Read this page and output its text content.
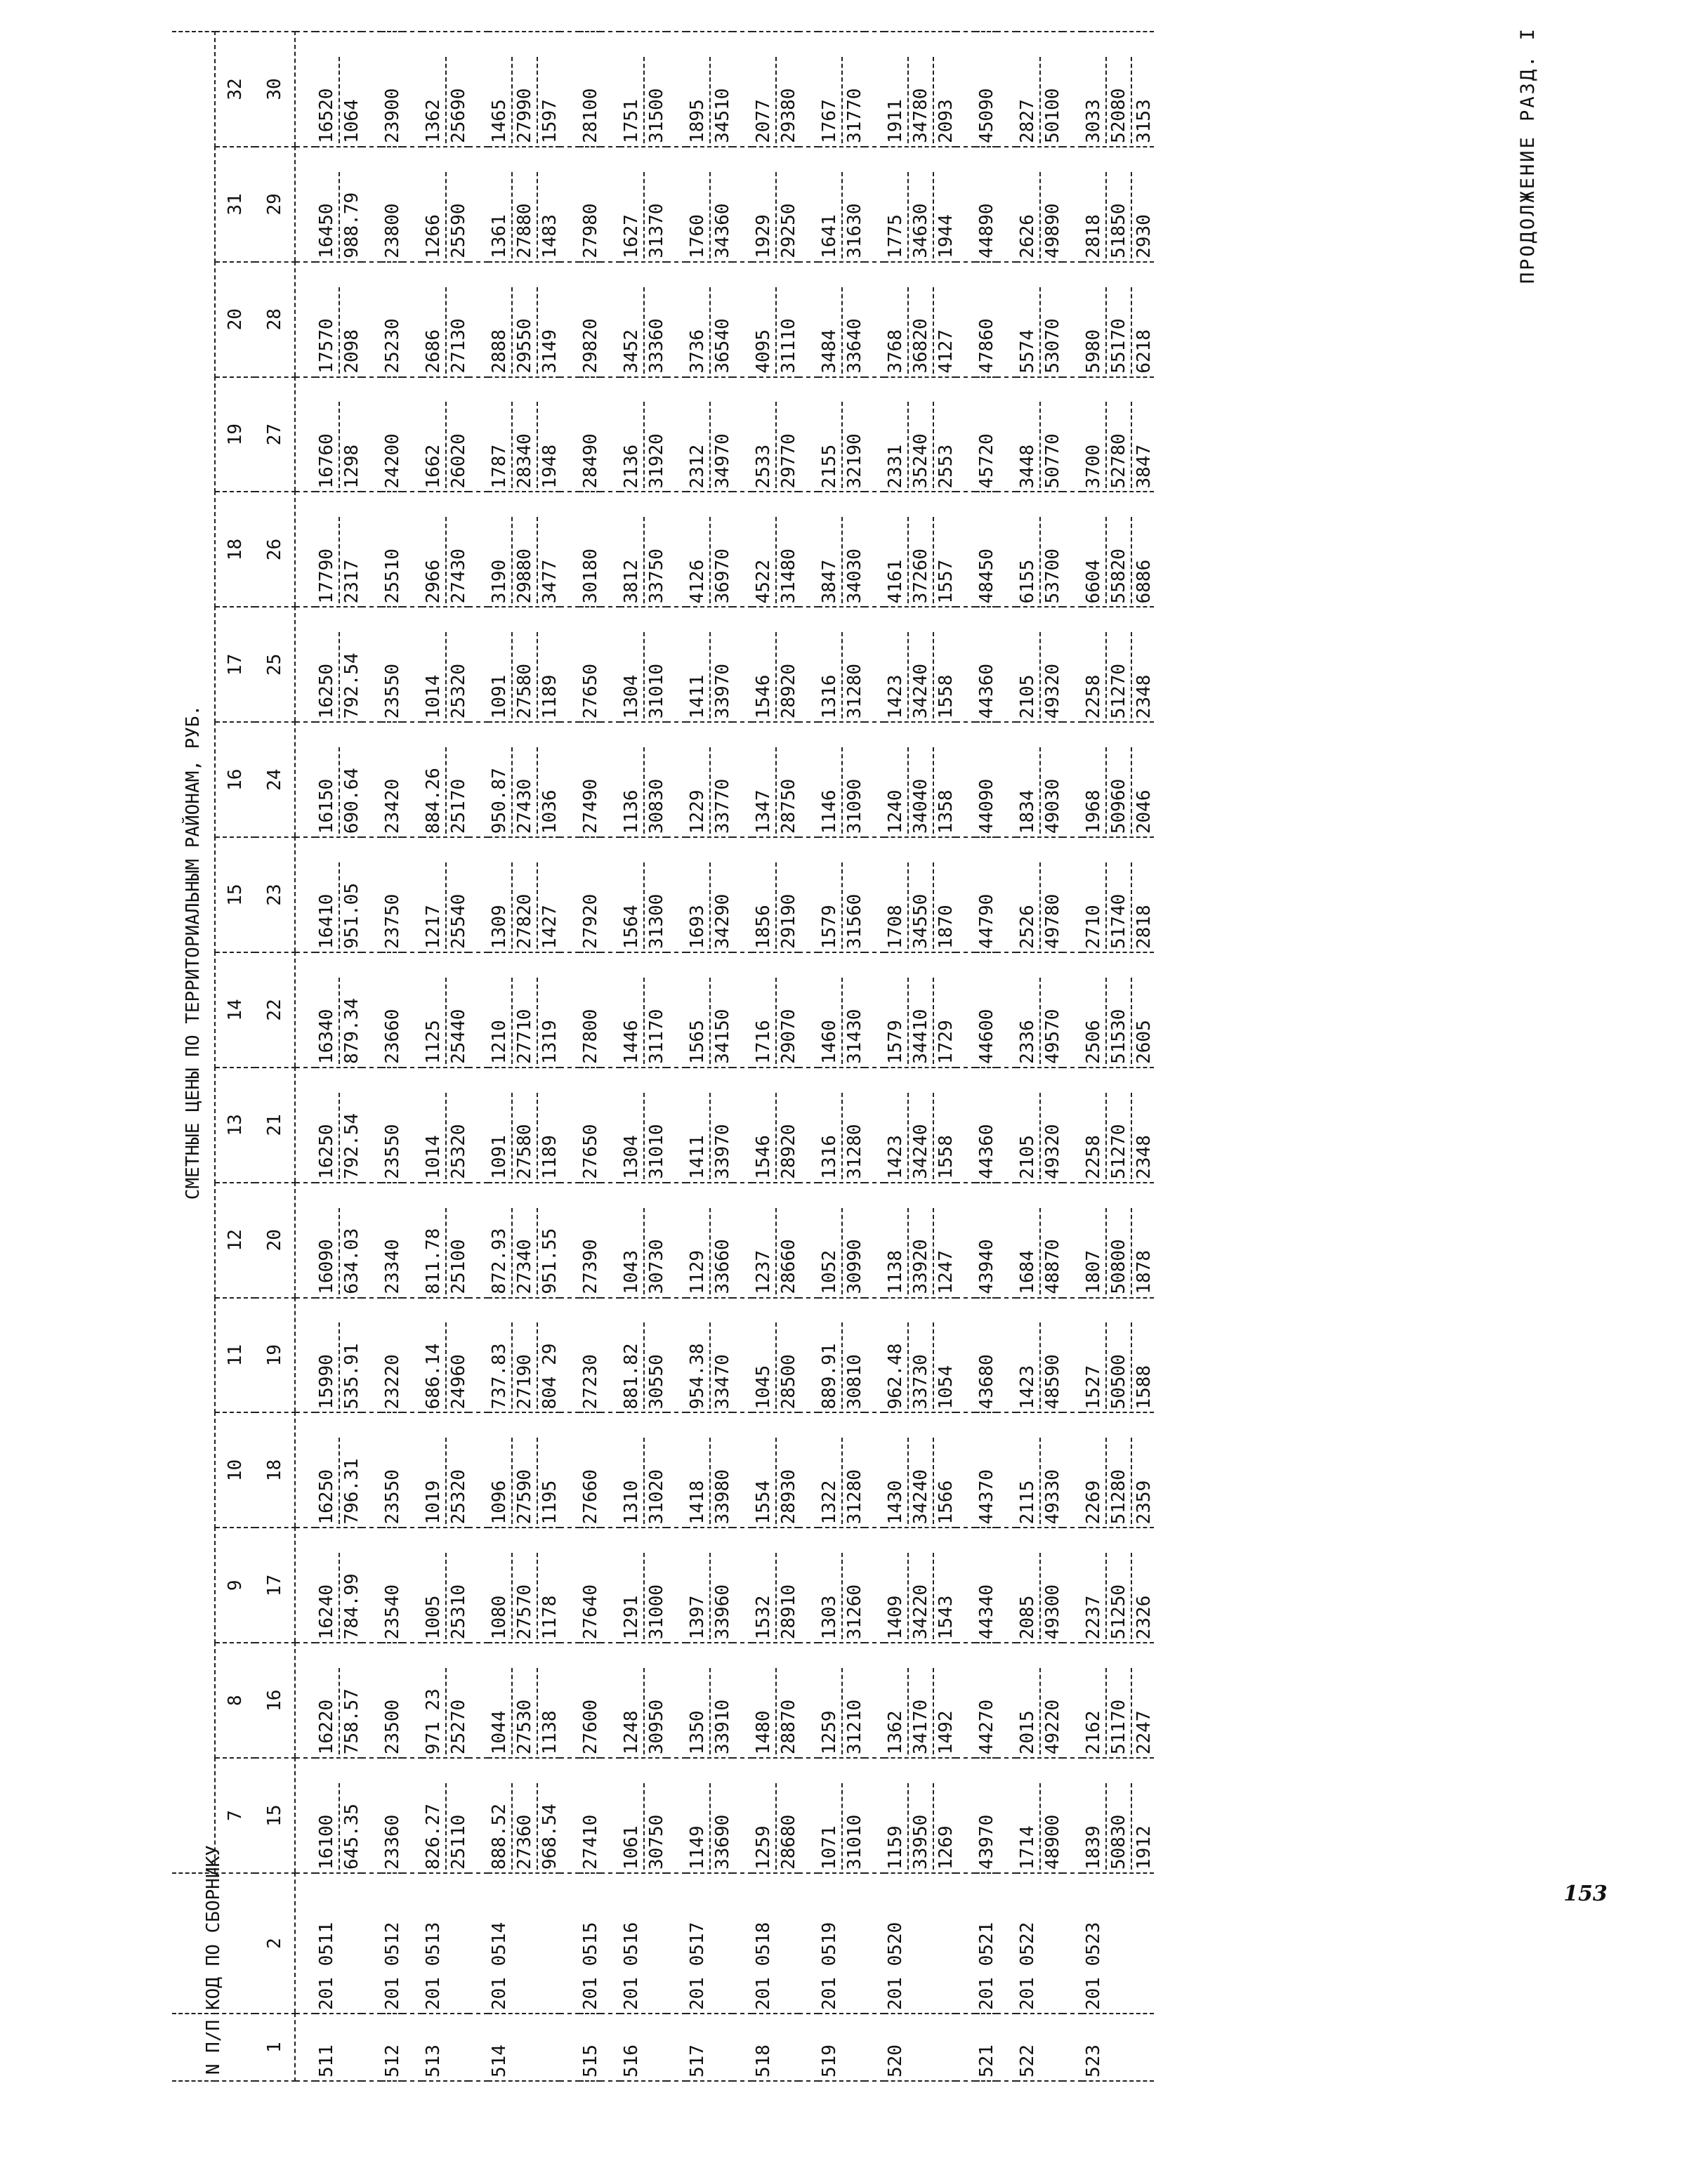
ПРОДОЛЖЕНИЕ РАЗД. I
153
N П/П	КОД ПО СБОРНИКУ	СМЕТНЫЕ ЦЕНЫ ПО ТЕРРИТОРИАЛЬНЫМ РАЙОНАМ, РУБ.															
		7	8	9	10	11	12	13	14	15	16	17	18	19	20	31	32
1	2	15	16	17	18	19	20	21	22	23	24	25	26	27	28	29	30

511	201 0511	16100 645.35	16220 758.57	16240 784.99	16250 796.31	15990 535.91	16090 634.03	16250 792.54	16340 879.34	16410 951.05	16150 690.64	16250 792.54	17790 2317	16760 1298	17570 2098	16450 988.79	16520 1064

512	201 0512	23360	23500	23540	23550	23220	23340	23550	23660	23750	23420	23550	25510	24200	25230	23800	23900

513	201 0513	826.27 25110	971 23 25270	1005 25310	1019 25320	686.14 24960	811.78 25100	1014 25320	1125 25440	1217 25540	884.26 25170	1014 25320	2966 27430	1662 26020	2686 27130	1266 25590	1362 25690

514	201 0514	888.52 27360 968.54	1044 27530 1138	1080 27570 1178	1096 27590 1195	737.83 27190 804 29	872.93 27340 951.55	1091 27580 1189	1210 27710 1319	1309 27820 1427	950.87 27430 1036	1091 27580 1189	3190 29880 3477	1787 28340 1948	2888 29550 3149	1361 27880 1483	1465 27990 1597

515	201 0515	27410	27600	27640	27660	27230	27390	27650	27800	27920	27490	27650	30180	28490	29820	27980	28100

516	201 0516	1061 30750	1248 30950	1291 31000	1310 31020	881.82 30550	1043 30730	1304 31010	1446 31170	1564 31300	1136 30830	1304 31010	3812 33750	2136 31920	3452 33360	1627 31370	1751 31500

517	201 0517	1149 33690	1350 33910	1397 33960	1418 33980	954.38 33470	1129 33660	1411 33970	1565 34150	1693 34290	1229 33770	1411 33970	4126 36970	2312 34970	3736 36540	1760 34360	1895 34510

518	201 0518	1259 28680	1480 28870	1532 28910	1554 28930	1045 28500	1237 28660	1546 28920	1716 29070	1856 29190	1347 28750	1546 28920	4522 31480	2533 29770	4095 31110	1929 29250	2077 29380

519	201 0519	1071 31010	1259 31210	1303 31260	1322 31280	889.91 30810	1052 30990	1316 31280	1460 31430	1579 31560	1146 31090	1316 31280	3847 34030	2155 32190	3484 33640	1641 31630	1767 31770

520	201 0520	1159 33950 1269	1362 34170 1492	1409 34220 1543	1430 34240 1566	962.48 33730 1054	1138 33920 1247	1423 34240 1558	1579 34410 1729	1708 34550 1870	1240 34040 1358	1423 34240 1558	4161 37260 1557	2331 35240 2553	3768 36820 4127	1775 34630 1944	1911 34780 2093

521	201 0521	43970	44270	44340	44370	43680	43940	44360	44600	44790	44090	44360	48450	45720	47860	44890	45090

522	201 0522	1714 48900	2015 49220	2085 49300	2115 49330	1423 48590	1684 48870	2105 49320	2336 49570	2526 49780	1834 49030	2105 49320	6155 53700	3448 50770	5574 53070	2626 49890	2827 50100

523	201 0523	1839 50830 1912	2162 51170 2247	2237 51250 2326	2269 51280 2359	1527 50500 1588	1807 50800 1878	2258 51270 2348	2506 51530 2605	2710 51740 2818	1968 50960 2046	2258 51270 2348	6604 55820 6886	3700 52780 3847	5980 55170 6218	2818 51850 2930	3033 52080 3153
